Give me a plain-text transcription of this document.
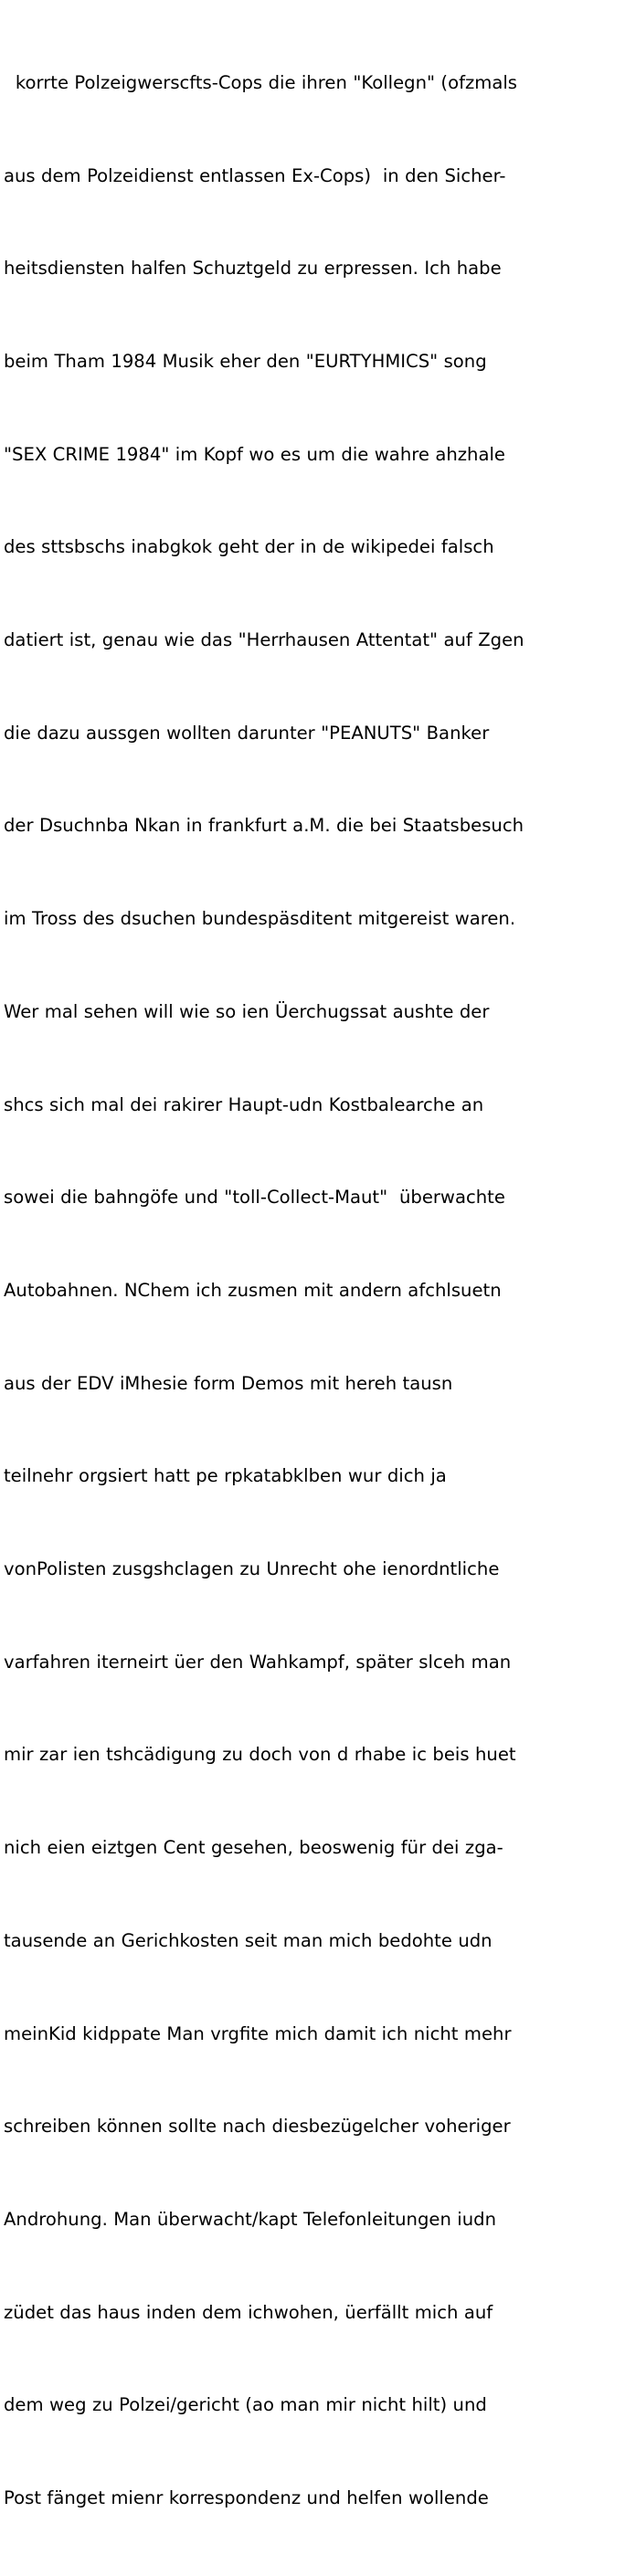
korrte Polzeigwerscfts-Cops die ihren "Kollegn" (ofzmals

aus dem Polzeidienst entlassen Ex-Cops)  in den Sicher-

heitsdiensten halfen Schuztgeld zu erpressen. Ich habe

beim Tham 1984 Musik eher den "EURTYHMICS" song

"SEX CRIME 1984" im Kopf wo es um die wahre ahzhale

des sttsbschs inabgkok geht der in de wikipedei falsch

datiert ist, genau wie das "Herrhausen Attentat" auf Zgen

die dazu aussgen wollten darunter "PEANUTS" Banker

der Dsuchnba Nkan in frankfurt a.M. die bei Staatsbesuch

im Tross des dsuchen bundespäsditent mitgereist waren.

Wer mal sehen will wie so ien Üerchugssat aushte der

shcs sich mal dei rakirer Haupt-udn Kostbalearche an

sowei die bahngöfe und "toll-Collect-Maut"  überwachte

Autobahnen. NChem ich zusmen mit andern afchlsuetn

aus der EDV iMhesie form Demos mit hereh tausn

teilnehr orgsiert hatt pe rpkatabklben wur dich ja

vonPolisten zusgshclagen zu Unrecht ohe ienordntliche

varfahren iterneirt üer den Wahkampf, später slceh man

mir zar ien tshcädigung zu doch von d rhabe ic beis huet

nich eien eiztgen Cent gesehen, beoswenig für dei zga-

tausende an Gerichkosten seit man mich bedohte udn

meinKid kidppate Man vrgfite mich damit ich nicht mehr

schreiben können sollte nach diesbezügelcher voheriger

Androhung. Man überwacht/kapt Telefonleitungen iudn

züdet das haus inden dem ichwohen, üerfällt mich auf

dem weg zu Polzei/gericht (ao man mir nicht hilt) und

Post fänget mienr korrespondenz und helfen wollende
